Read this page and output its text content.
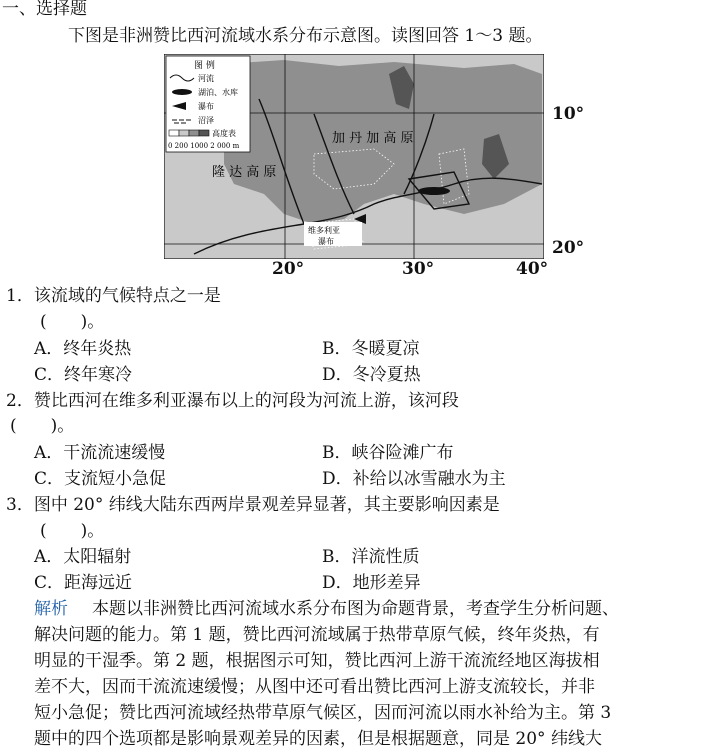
一、选择题
下图是非洲赞比西河流域水系分布示意图。读图回答 1～3 题。
图 例
河流
湖泊、水库
瀑布
沼泽
高度表
0 200 1000 2 000 m	加 丹 加 高 原
隆 达 高 原
维多利亚
瀑布
10°
20°
20°	30°	40°
1．该流域的气候特点之一是
(　　)。
A．终年炎热	B．冬暖夏凉
C．终年寒冷	D．冬冷夏热
2．赞比西河在维多利亚瀑布以上的河段为河流上游，该河段
(　　)。
A．干流流速缓慢	B．峡谷险滩广布
C．支流短小急促	D．补给以冰雪融水为主
3．图中 20° 纬线大陆东西两岸景观差异显著，其主要影响因素是
(　　)。
A．太阳辐射	B．洋流性质
C．距海远近	D．地形差异
解析 本题以非洲赞比西河流域水系分布图为命题背景，考查学生分析问题、
解决问题的能力。第 1 题，赞比西河流域属于热带草原气候，终年炎热，有
明显的干湿季。第 2 题，根据图示可知，赞比西河上游干流流经地区海拔相
差不大，因而干流流速缓慢；从图中还可看出赞比西河上游支流较长，并非
短小急促；赞比西河流域经热带草原气候区，因而河流以雨水补给为主。第 3
题中的四个选项都是影响景观差异的因素，但是根据题意，同是 20° 纬线大
